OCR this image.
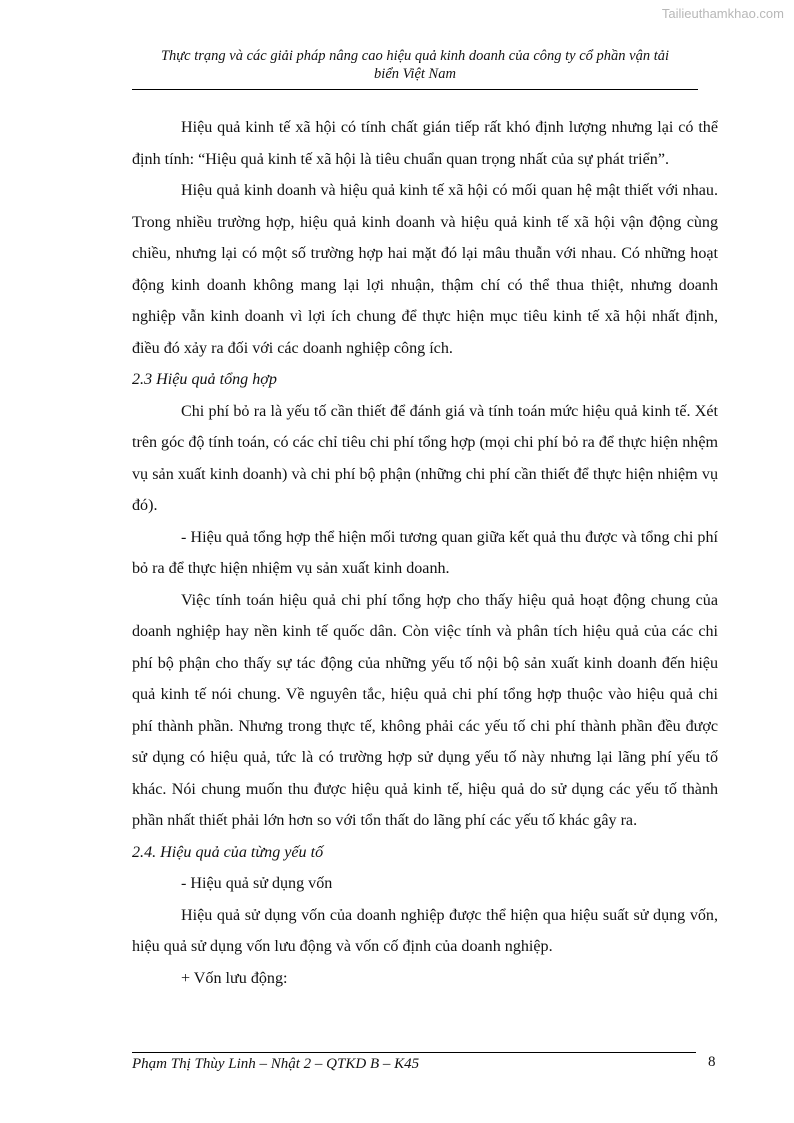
Tailieuthamkhao.com
Thực trạng và các giải pháp nâng cao hiệu quả kinh doanh của công ty cổ phần vận tải
biển Việt Nam

Hiệu quả kinh tế xã hội có tính chất gián tiếp rất khó định lượng nhưng lại có thể định tính: “Hiệu quả kinh tế xã hội là tiêu chuẩn quan trọng nhất của sự phát triển”.

Hiệu quả kinh doanh và hiệu quả kinh tế xã hội có mối quan hệ mật thiết với nhau. Trong nhiều trường hợp, hiệu quả kinh doanh và hiệu quả kinh tế xã hội vận động cùng chiều, nhưng lại có một số trường hợp hai mặt đó lại mâu thuẫn với nhau. Có những hoạt động kinh doanh không mang lại lợi nhuận, thậm chí có thể thua thiệt, nhưng doanh nghiệp vẫn kinh doanh vì lợi ích chung để thực hiện mục tiêu kinh tế xã hội nhất định, điều đó xảy ra đối với các doanh nghiệp công ích.

2.3 Hiệu quả tổng hợp

Chi phí bỏ ra là yếu tố cần thiết để đánh giá và tính toán mức hiệu quả kinh tế. Xét trên góc độ tính toán, có các chỉ tiêu chi phí tổng hợp (mọi chi phí bỏ ra để thực hiện nhệm vụ sản xuất kinh doanh) và chi phí bộ phận (những chi phí cần thiết để thực hiện nhiệm vụ đó).

- Hiệu quả tổng hợp thể hiện mối tương quan giữa kết quả thu được và tổng chi phí bỏ ra để thực hiện nhiệm vụ sản xuất kinh doanh.

Việc tính toán hiệu quả chi phí tổng hợp cho thấy hiệu quả hoạt động chung của doanh nghiệp hay nền kinh tế quốc dân. Còn việc tính và phân tích hiệu quả của các chi phí bộ phận cho thấy sự tác động của những yếu tố nội bộ sản xuất kinh doanh đến hiệu quả kinh tế nói chung. Về nguyên tắc, hiệu quả chi phí tổng hợp thuộc vào hiệu quả chi phí thành phần. Nhưng trong thực tế, không phải các yếu tố chi phí thành phần đều được sử dụng có hiệu quả, tức là có trường hợp sử dụng yếu tố này nhưng lại lãng phí yếu tố khác. Nói chung muốn thu được hiệu quả kinh tế, hiệu quả do sử dụng các yếu tố thành phần nhất thiết phải lớn hơn so với tổn thất do lãng phí các yếu tố khác gây ra.

2.4. Hiệu quả của từng yếu tố

- Hiệu quả sử dụng vốn

Hiệu quả sử dụng vốn của doanh nghiệp được thể hiện qua hiệu suất sử dụng vốn, hiệu quả sử dụng vốn lưu động và vốn cố định của doanh nghiệp.

+ Vốn lưu động:

Phạm Thị Thùy Linh – Nhật 2 – QTKD B – K45	8
